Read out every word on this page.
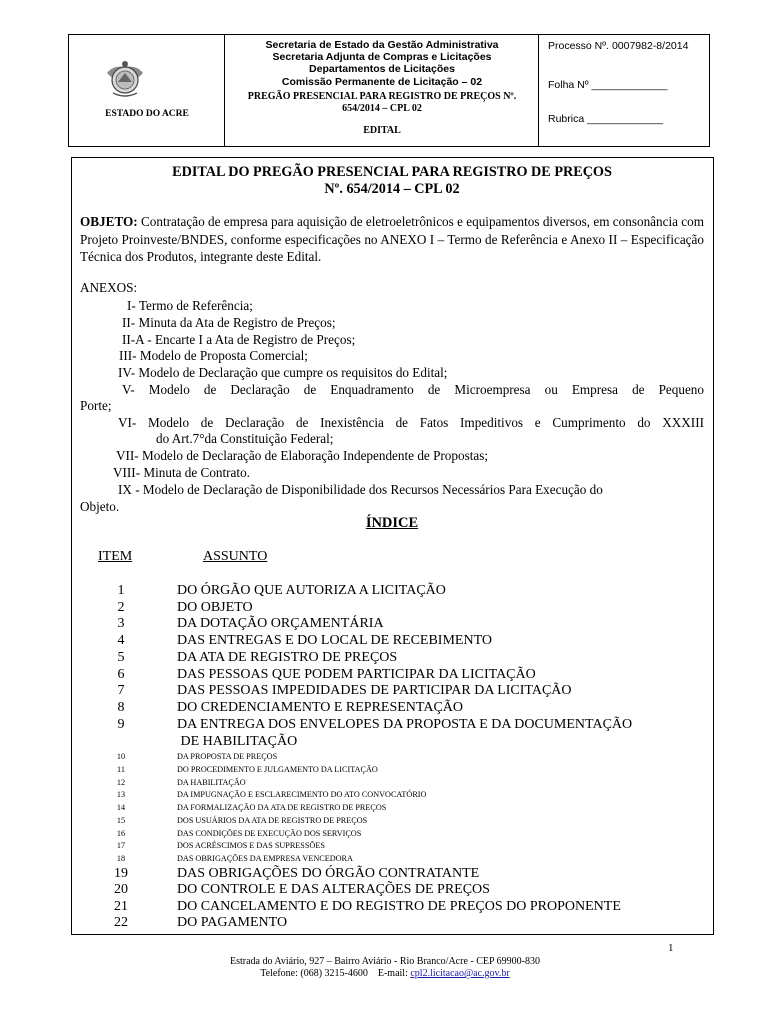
ESTADO DO ACRE
Secretaria de Estado da Gestão Administrativa
Secretaria Adjunta de Compras e Licitações
Departamentos de Licitações
Comissão Permanente de Licitação – 02
PREGÃO PRESENCIAL PARA REGISTRO DE PREÇOS Nº.
654/2014 – CPL 02
EDITAL
Processo Nº. 0007982-8/2014
Folha Nº _____________
Rubrica _____________
EDITAL DO PREGÃO PRESENCIAL PARA REGISTRO DE PREÇOS
Nº. 654/2014 – CPL 02
OBJETO: Contratação de empresa para aquisição de eletroeletrônicos e equipamentos diversos, em consonância com Projeto Proinveste/BNDES, conforme especificações no ANEXO I – Termo de Referência e Anexo II – Especificação Técnica dos Produtos, integrante deste Edital.
ANEXOS:
I- Termo de Referência;
II- Minuta da Ata de Registro de Preços;
II-A - Encarte I a Ata de Registro de Preços;
III- Modelo de Proposta Comercial;
IV- Modelo de Declaração que cumpre os requisitos do Edital;
V- Modelo de Declaração de Enquadramento de Microempresa ou Empresa de Pequeno
Porte;
VI- Modelo de Declaração de Inexistência de Fatos Impeditivos e Cumprimento do XXXIII
do Art.7°da Constituição Federal;
VII- Modelo de Declaração de Elaboração Independente de Propostas;
VIII- Minuta de Contrato.
IX - Modelo de Declaração de Disponibilidade dos Recursos Necessários Para Execução do
Objeto.
ÍNDICE
ITEM	ASSUNTO
1	DO ÓRGÃO QUE AUTORIZA A LICITAÇÃO
2	DO OBJETO
3	DA DOTAÇÃO ORÇAMENTÁRIA
4	DAS ENTREGAS E DO LOCAL DE RECEBIMENTO
5	DA ATA DE REGISTRO DE PREÇOS
6	DAS PESSOAS QUE PODEM PARTICIPAR DA LICITAÇÃO
7	DAS PESSOAS IMPEDIDADES DE PARTICIPAR DA LICITAÇÃO
8	DO CREDENCIAMENTO E REPRESENTAÇÃO
9	DA ENTREGA DOS ENVELOPES DA PROPOSTA E DA DOCUMENTAÇÃO
DE HABILITAÇÃO
10	DA PROPOSTA DE PREÇOS
11	DO PROCEDIMENTO E JULGAMENTO DA LICITAÇÃO
12	DA HABILITAÇÃO
13	DA IMPUGNAÇÃO E ESCLARECIMENTO DO ATO CONVOCATÓRIO
14	DA FORMALIZAÇÃO DA ATA DE REGISTRO DE PREÇOS
15	DOS USUÁRIOS DA ATA DE REGISTRO DE PREÇOS
16	DAS CONDIÇÕES DE EXECUÇÃO DOS SERVIÇOS
17	DOS ACRÉSCIMOS E DAS SUPRESSÕES
18	DAS OBRIGAÇÕES DA EMPRESA VENCEDORA
19	DAS OBRIGAÇÕES DO ÓRGÃO CONTRATANTE
20	DO CONTROLE E DAS ALTERAÇÕES DE PREÇOS
21	DO CANCELAMENTO E DO REGISTRO DE PREÇOS DO PROPONENTE
22	DO PAGAMENTO
1
Estrada do Aviário, 927 – Bairro Aviário - Rio Branco/Acre - CEP 69900-830
Telefone: (068) 3215-4600    E-mail: cpl2.licitacao@ac.gov.br
